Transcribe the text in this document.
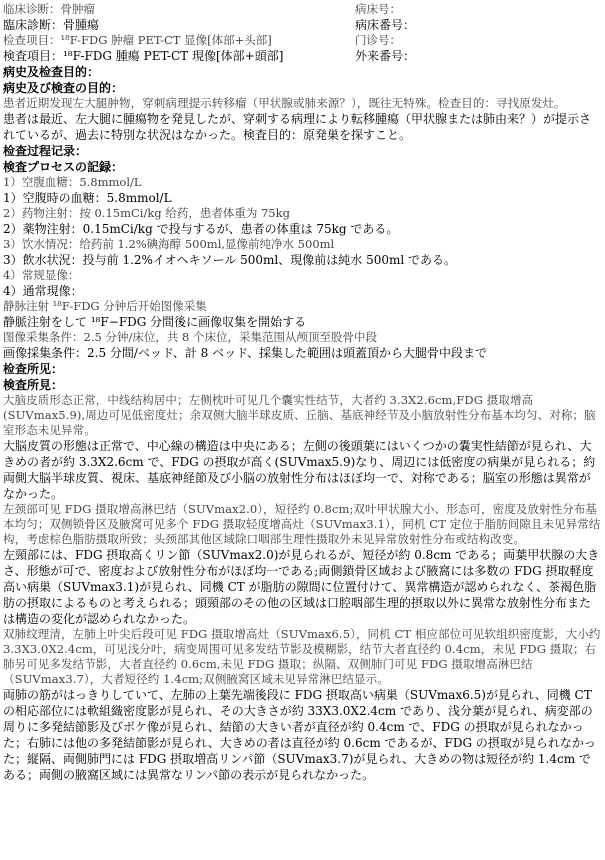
临床诊断：骨肿瘤
臨床診断：骨腫瘍
检查项目：¹⁸F-FDG 肿瘤 PET-CT 显像[体部+头部]
検査項目：¹⁸F-FDG 腫瘍 PET-CT 現像[体部+頭部]
病床号：
病床番号：
门诊号：
外来番号：
病史及检查目的：
病史及び検査の目的：

患者近期发现左大腿肿物，穿刺病理提示转移瘤（甲状腺或肺来源？），既往无特殊。检查目的：寻找原发灶。

患者は最近、左大腿に腫瘍物を発見したが、穿刺する病理により転移腫瘍（甲状腺または肺由来？）が提示されているが、過去に特別な状況はなかった。検査目的：原発巣を探すこと。

检查过程记录：
検査プロセスの記録：
1）空腹血糖：5.8mmol/L
1）空腹時の血糖：5.8mmol/L
2）药物注射：按 0.15mCi/kg 给药，患者体重为 75kg
2）薬物注射：0.15mCi/kg で投与するが、患者の体重は 75kg である。
3）饮水情况：给药前 1.2%碘海醇 500ml,显像前纯净水 500ml
3）飲水状況：投与前 1.2%イオヘキソール 500ml、現像前は純水 500ml である。
4）常规显像：
4）通常現像：
静脉注射 ¹⁸F-FDG 分钟后开始图像采集
静脈注射をして ¹⁸F−FDG 分間後に画像収集を開始する
图像采集条件：2.5 分钟/床位，共 8 个床位，采集范围从颅顶至股骨中段
画像採集条件：2.5 分間/ベッド、計 8 ベッド、採集した範囲は頭蓋頂から大腿骨中段まで
检查所见：
検査所見：

大脑皮质形态正常，中线结构居中；左侧枕叶可见几个囊实性结节，大者约 3.3X2.6cm,FDG 摄取增高(SUVmax5.9),周边可见低密度灶；余双侧大脑半球皮质、丘脑、基底神经节及小脑放射性分布基本均匀、对称；脑室形态未见异常。

大脳皮質の形態は正常で、中心線の構造は中央にある；左側の後頭葉にはいくつかの嚢実性結節が見られ、大きめの者が約 3.3X2.6cm で、FDG の摂取が高く(SUVmax5.9)なり、周辺には低密度の病巣が見られる；約両側大脳半球皮質、視床、基底神経節及び小脳の放射性分布はほぼ均一で、対称である；脳室の形態は異常がなかった。

左颈部可见 FDG 摄取增高淋巴结（SUVmax2.0），短径约 0.8cm;双叶甲状腺大小、形态可，密度及放射性分布基本均匀；双侧锁骨区及腋窝可见多个 FDG 摄取轻度增高灶（SUVmax3.1），同机 CT 定位于脂肪间隙且未见异常结构，考虑棕色脂肪摄取所致；头颈部其他区域除口咽部生理性摄取外未见异常放射性分布或结构改变。

左頸部には、FDG 摂取高くリン節（SUVmax2.0)が見られるが、短径が約 0.8cm である；両葉甲状腺の大きさ、形態が可で、密度および放射性分布がほぼ均一である;両側鎖骨区域および腋窩には多数の FDG 摂取軽度高い病巣（SUVmax3.1)が見られ、同機 CT が脂肪の隙間に位置付けて、異常構造が認められなく、茶褐色脂肪の摂取によるものと考えられる；頭頸部のその他の区域は口腔咽部生理的摂取以外に異常な放射性分布または構造の変化が認められなかった。

双肺纹理清，左肺上叶尖后段可见 FDG 摄取增高灶（SUVmax6.5），同机 CT 相应部位可见软组织密度影，大小约 3.3X3.0X2.4cm，可见浅分叶，病变周围可见多发结节影及模糊影，结节大者直径约 0.4cm，未见 FDG 摄取；右肺另可见多发结节影，大者直径约 0.6cm,未见 FDG 摄取；纵隔、双侧肺门可见 FDG 摄取增高淋巴结（SUVmax3.7），大者短径约 1.4cm;双侧腋窝区域未见异常淋巴结显示。

両肺の筋がはっきりしていて、左肺の上葉先端後段に FDG 摂取高い病巣（SUVmax6.5)が見られ、同機 CT の相応部位には軟組織密度影が見られ、その大きさが約 33X3.0X2.4cm であり、浅分葉が見られ、病変部の周りに多発結節影及びボケ像が見られ、結節の大きい者が直径が約 0.4cm で、FDG の摂取が見られなかった；右肺には他の多発結節影が見られ、大きめの者は直径が約 0.6cm であるが、FDG の摂取が見られなかった；縦隔、両側肺門には FDG 摂取増高リンパ節（SUVmax3.7)が見られ、大きめの物は短径が約 1.4cm である；両側の腋窩区域には異常なリンパ節の表示が見られなかった。
